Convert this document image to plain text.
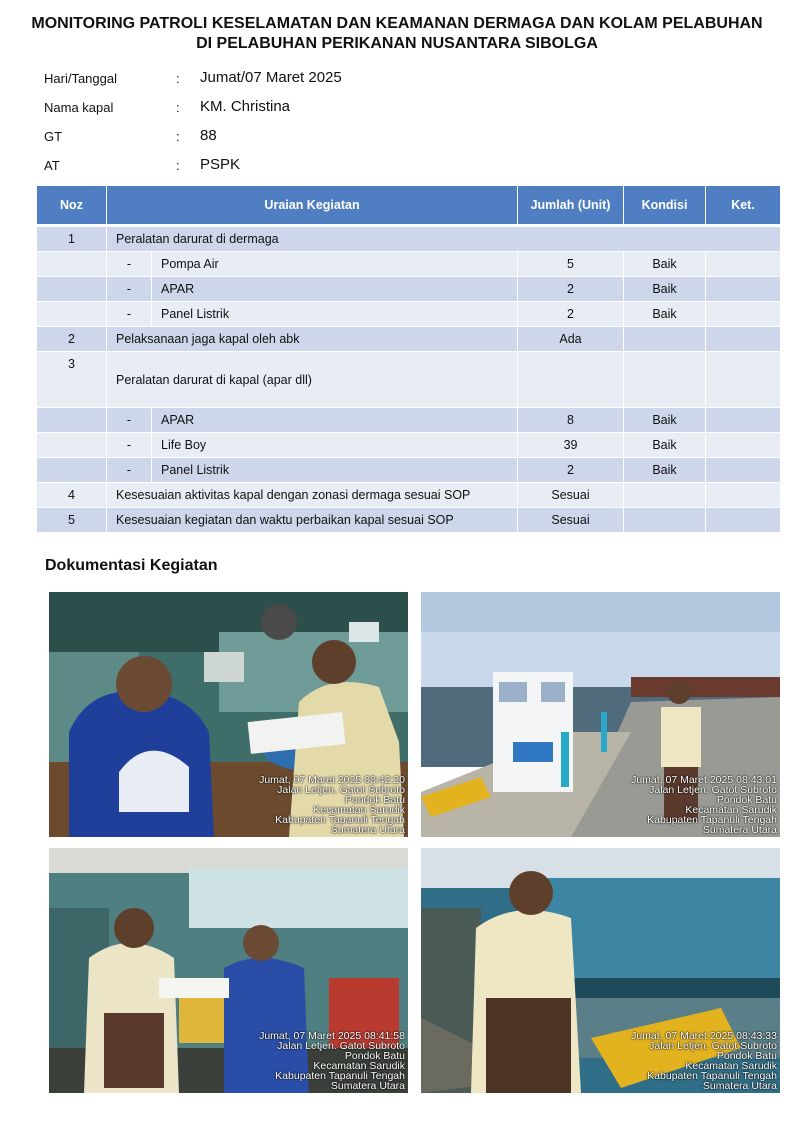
MONITORING PATROLI KESELAMATAN DAN KEAMANAN DERMAGA DAN KOLAM PELABUHAN
DI PELABUHAN PERIKANAN NUSANTARA SIBOLGA
Hari/Tanggal	: Jumat/07 Maret 2025
Nama kapal	: KM. Christina
GT	: 88
AT	: PSPK
Noz	Uraian Kegiatan		Jumlah (Unit)	Kondisi	Ket.
1	Peralatan darurat di dermaga				
	-	Pompa Air	5	Baik	
	-	APAR	2	Baik	
	-	Panel Listrik	2	Baik	
2	Pelaksanaan jaga kapal oleh abk		Ada		
3	Peralatan darurat di kapal (apar dll)				
	-	APAR	8	Baik	
	-	Life Boy	39	Baik	
	-	Panel Listrik	2	Baik	
4	Kesesuaian aktivitas kapal dengan zonasi dermaga sesuai SOP		Sesuai		
5	Kesesuaian kegiatan dan waktu perbaikan kapal sesuai SOP		Sesuai		
Dokumentasi Kegiatan
Jumat, 07 Maret 2025 08:42:20
Jalan Letjen. Gatot Subroto
Pondok Batu
Kecamatan Sarudik
Kabupaten Tapanuli Tengah
Sumatera Utara
Jumat, 07 Maret 2025 08:43:01
Jalan Letjen. Gatot Subroto
Pondok Batu
Kecamatan Sarudik
Kabupaten Tapanuli Tengah
Sumatera Utara
Jumat, 07 Maret 2025 08:41:58
Jalan Letjen. Gatot Subroto
Pondok Batu
Kecamatan Sarudik
Kabupaten Tapanuli Tengah
Sumatera Utara
Jumat, 07 Maret 2025 08:43:33
Jalan Letjen. Gatot Subroto
Pondok Batu
Kecamatan Sarudik
Kabupaten Tapanuli Tengah
Sumatera Utara
